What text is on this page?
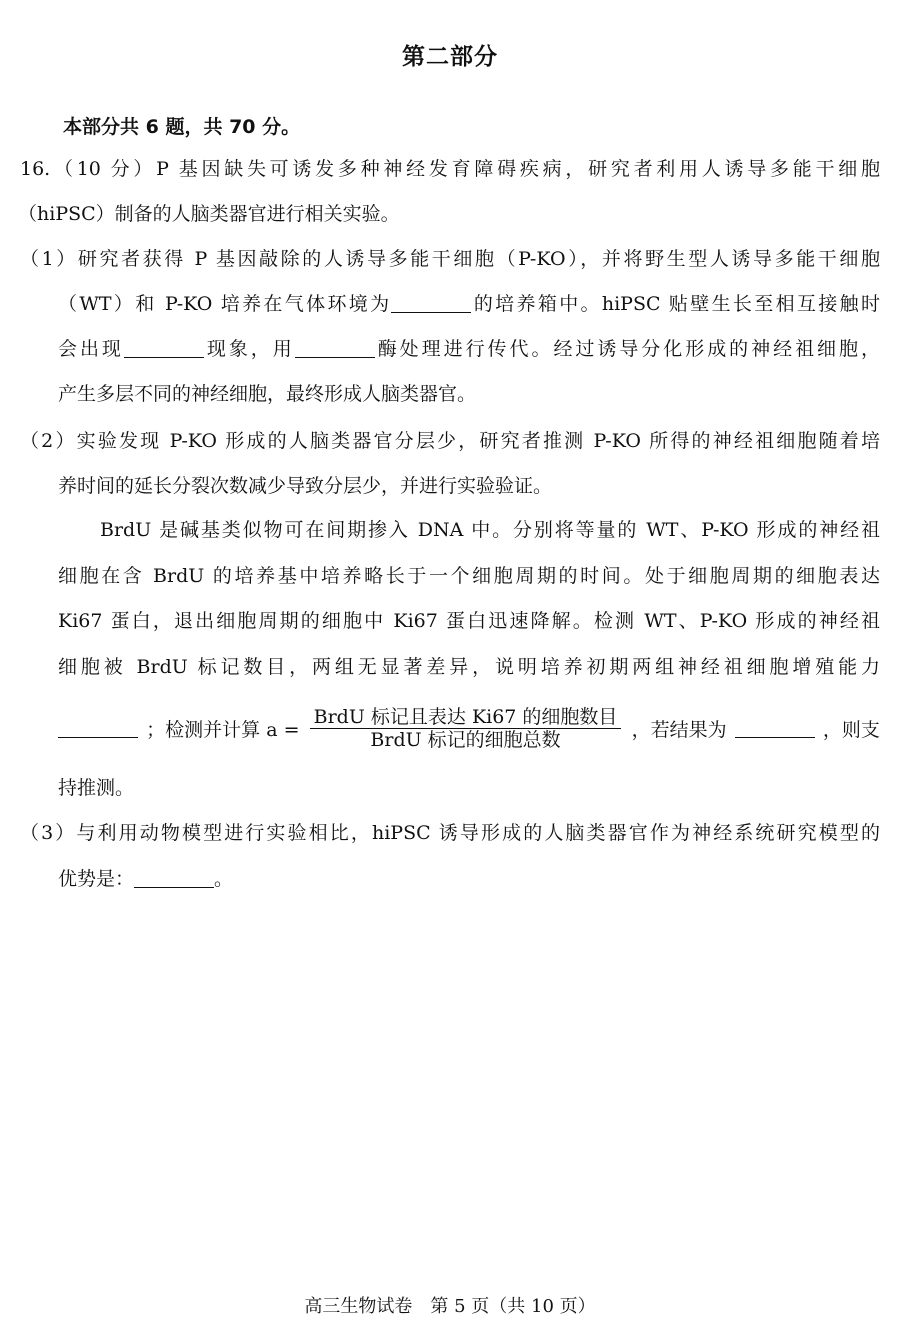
第二部分
本部分共 6 题，共 70 分。
16.（10 分）P 基因缺失可诱发多种神经发育障碍疾病，研究者利用人诱导多能干细胞
（hiPSC）制备的人脑类器官进行相关实验。
（1）研究者获得 P 基因敲除的人诱导多能干细胞（P-KO），并将野生型人诱导多能干细胞
（WT）和 P-KO 培养在气体环境为	的培养箱中。hiPSC 贴壁生长至相互接触时
会出现	现象，用	酶处理进行传代。经过诱导分化形成的神经祖细胞，
产生多层不同的神经细胞，最终形成人脑类器官。
（2）实验发现 P-KO 形成的人脑类器官分层少，研究者推测 P-KO 所得的神经祖细胞随着培
养时间的延长分裂次数减少导致分层少，并进行实验验证。
BrdU 是碱基类似物可在间期掺入 DNA 中。分别将等量的 WT、P-KO 形成的神经祖
细胞在含 BrdU 的培养基中培养略长于一个细胞周期的时间。处于细胞周期的细胞表达
Ki67 蛋白，退出细胞周期的细胞中 Ki67 蛋白迅速降解。检测 WT、P-KO 形成的神经祖
细胞被 BrdU 标记数目，两组无显著差异，说明培养初期两组神经祖细胞增殖能力
；检测并计算 $a = \frac{\text{BrdU 标记且表达 Ki67 的细胞数目}}{\text{BrdU 标记的细胞总数}}$ ，若结果为	，则支
持推测。
（3）与利用动物模型进行实验相比，hiPSC 诱导形成的人脑类器官作为神经系统研究模型的
优势是：	。
高三生物试卷　第 5 页（共 10 页）
